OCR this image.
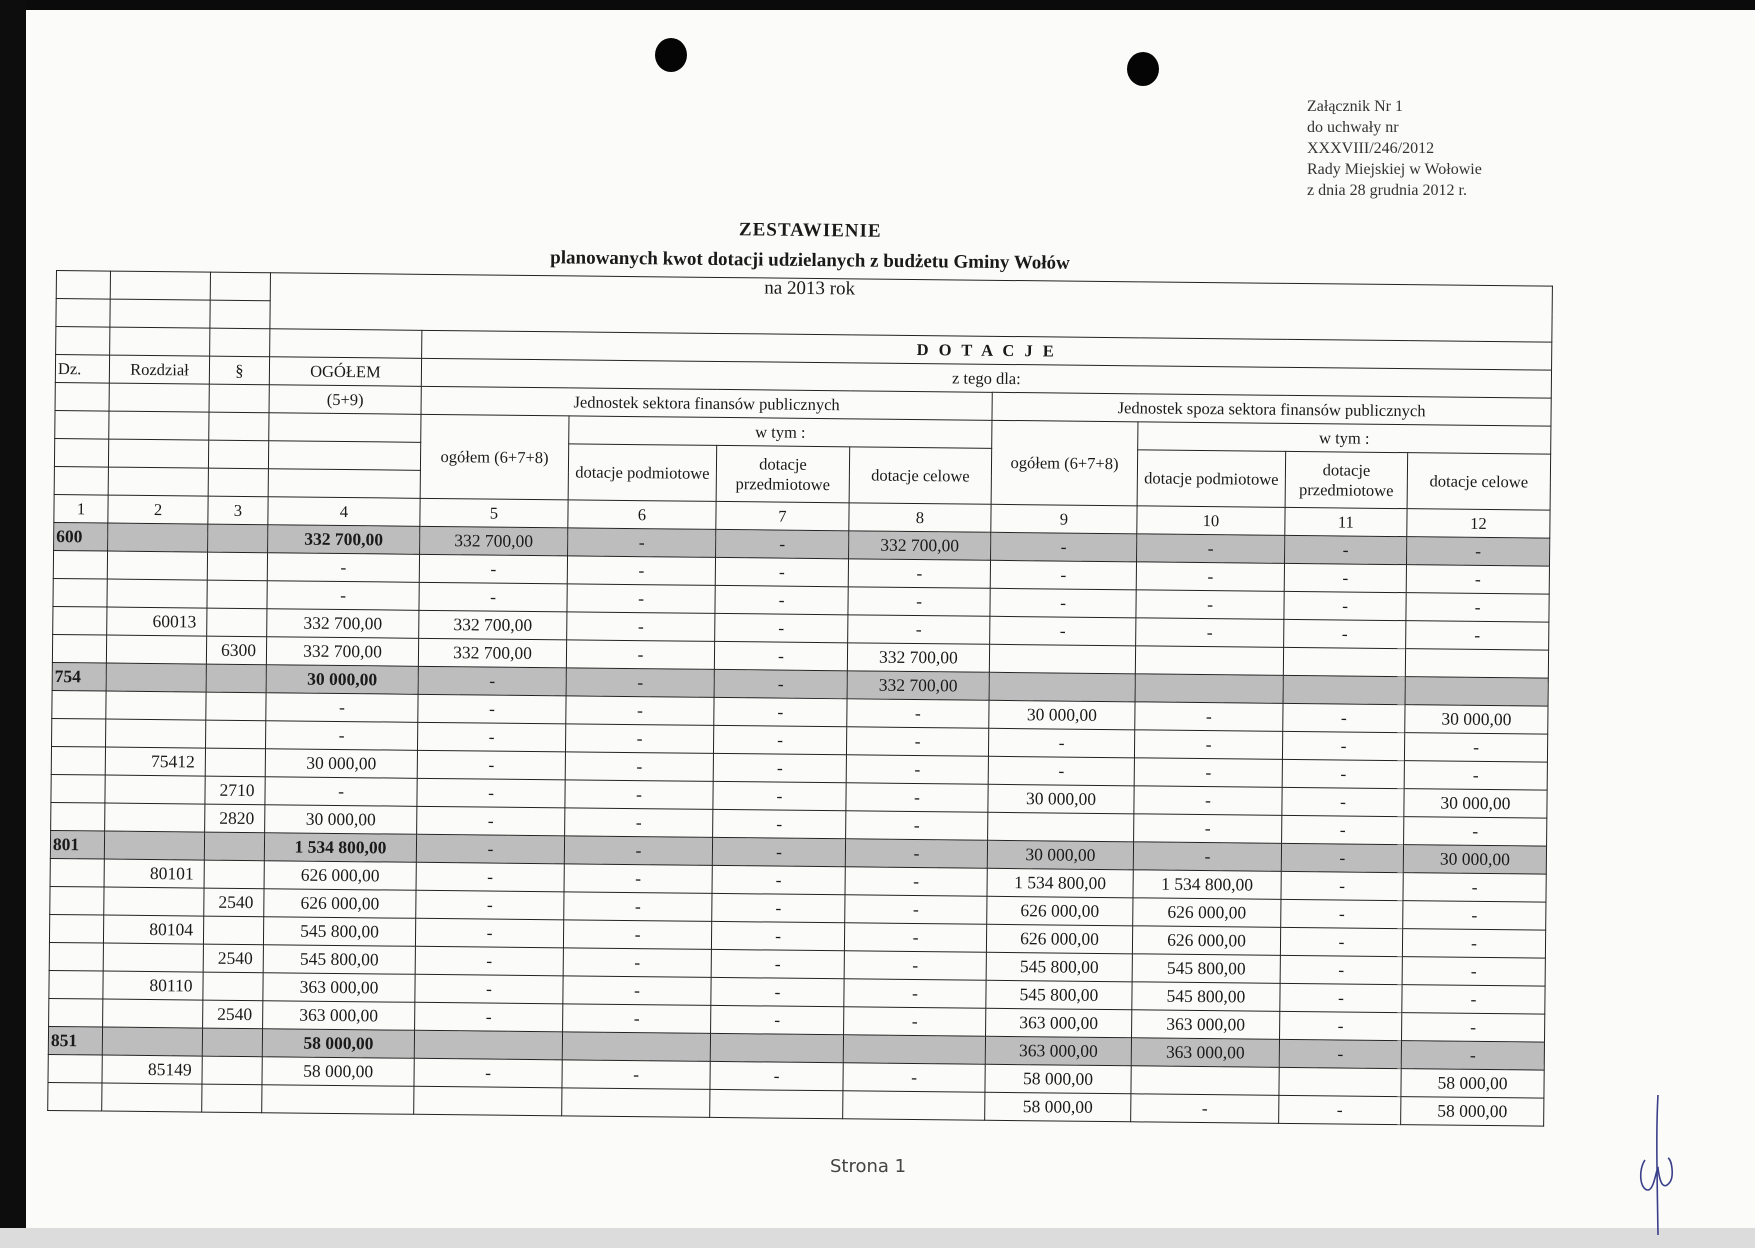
Załącznik Nr 1
do uchwały nr
XXXVIII/246/2012
Rady Miejskiej w Wołowie
z dnia 28 grudnia 2012 r.
ZESTAWIENIE
planowanych kwot dotacji udzielanych z budżetu Gminy Wołów
na 2013 rok

				D O T A C J E							
Dz.	Rozdział	§	OGÓŁEM	z tego dla:							
			(5+9)	Jednostek sektora finansów publicznych				Jednostek spoza sektora finansów publicznych			
				ogółem (6+7+8)	w tym :			ogółem (6+7+8)	w tym :		
					dotacje podmiotowe	dotacje przedmiotowe	dotacje celowe		dotacje podmiotowe	dotacje przedmiotowe	dotacje celowe

1	2	3	4	5	6	7	8	9	10	11	12
600			332 700,00	332 700,00	-	-	332 700,00	-	-	-	-
			-	-	-	-	-	-	-	-	-
			-	-	-	-	-	-	-	-	-
	60013		332 700,00	332 700,00	-	-	-	-	-	-	-
		6300	332 700,00	332 700,00	-	-	332 700,00				
754			30 000,00	-	-	-	332 700,00				
			-	-	-	-	-	30 000,00	-	-	30 000,00
			-	-	-	-	-	-	-	-	-
	75412		30 000,00	-	-	-	-	-	-	-	-
		2710	-	-	-	-	-	30 000,00	-	-	30 000,00
		2820	30 000,00	-	-	-	-		-	-	-
801			1 534 800,00	-	-	-	-	30 000,00	-	-	30 000,00
	80101		626 000,00	-	-	-	-	1 534 800,00	1 534 800,00	-	-
		2540	626 000,00	-	-	-	-	626 000,00	626 000,00	-	-
	80104		545 800,00	-	-	-	-	626 000,00	626 000,00	-	-
		2540	545 800,00	-	-	-	-	545 800,00	545 800,00	-	-
	80110		363 000,00	-	-	-	-	545 800,00	545 800,00	-	-
		2540	363 000,00	-	-	-	-	363 000,00	363 000,00	-	-
851			58 000,00					363 000,00	363 000,00	-	-
	85149		58 000,00	-	-	-	-	58 000,00			58 000,00
								58 000,00	-	-	58 000,00
Strona 1
